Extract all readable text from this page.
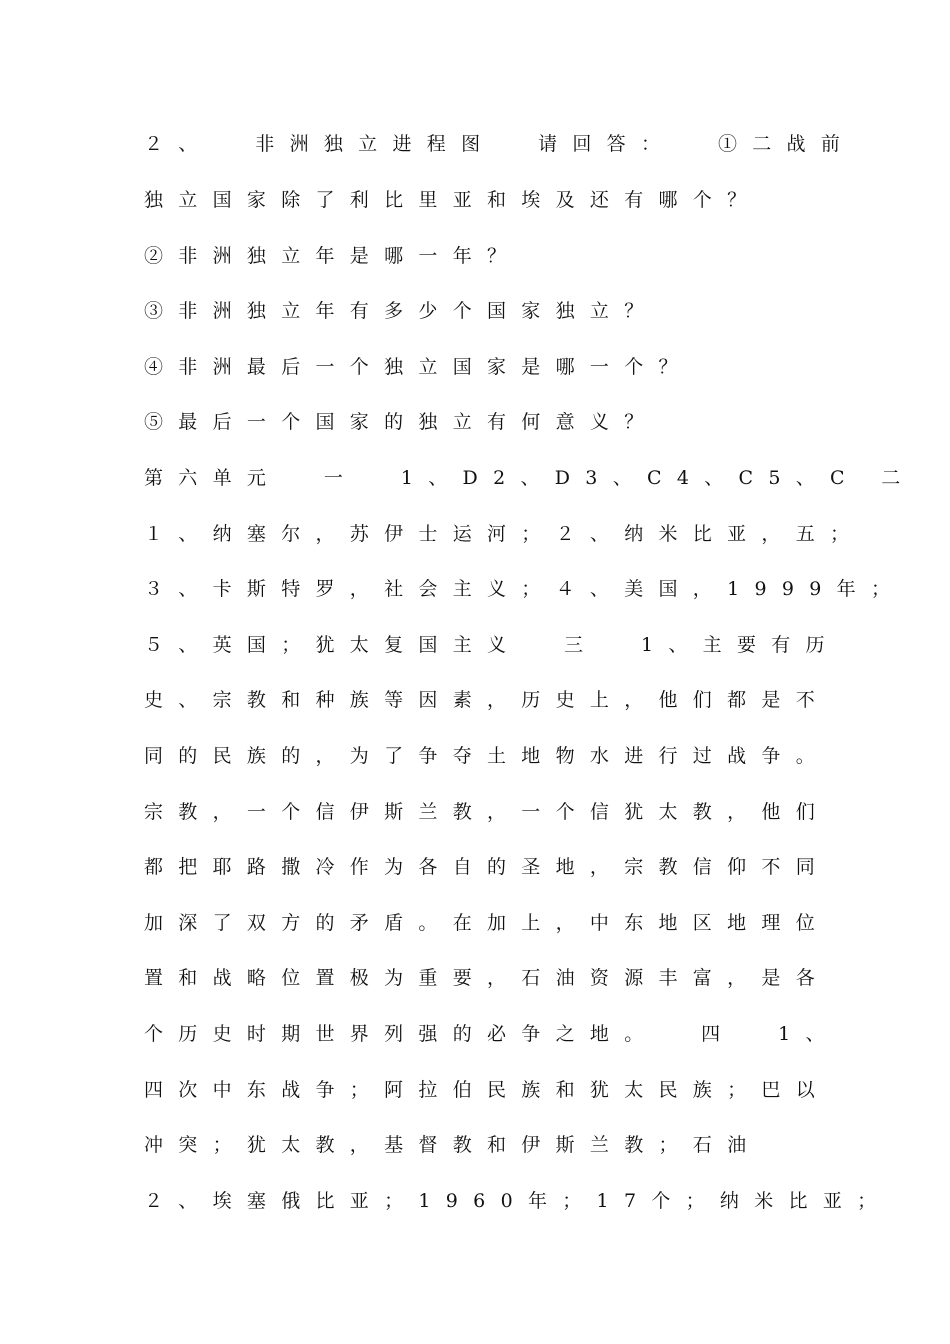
２、  非洲独立进程图  请回答：  ①二战前
独立国家除了利比里亚和埃及还有哪个？
②非洲独立年是哪一年？
③非洲独立年有多少个国家独立？
④非洲最后一个独立国家是哪一个？
⑤最后一个国家的独立有何意义？
第六单元  一  1、D2、D3、C4、C5、C 二
１、纳塞尔，苏伊士运河；２、纳米比亚，五；
３、卡斯特罗，社会主义；４、美国，1999年；
５、英国；犹太复国主义  三  1、主要有历
史、宗教和种族等因素，历史上，他们都是不
同的民族的，为了争夺土地物水进行过战争。
宗教，一个信伊斯兰教，一个信犹太教，他们
都把耶路撒冷作为各自的圣地，宗教信仰不同
加深了双方的矛盾。在加上，中东地区地理位
置和战略位置极为重要，石油资源丰富，是各
个历史时期世界列强的必争之地。  四  1、
四次中东战争；阿拉伯民族和犹太民族；巴以
冲突；犹太教，基督教和伊斯兰教；石油
２、埃塞俄比亚；1960年；17个；纳米比亚；
